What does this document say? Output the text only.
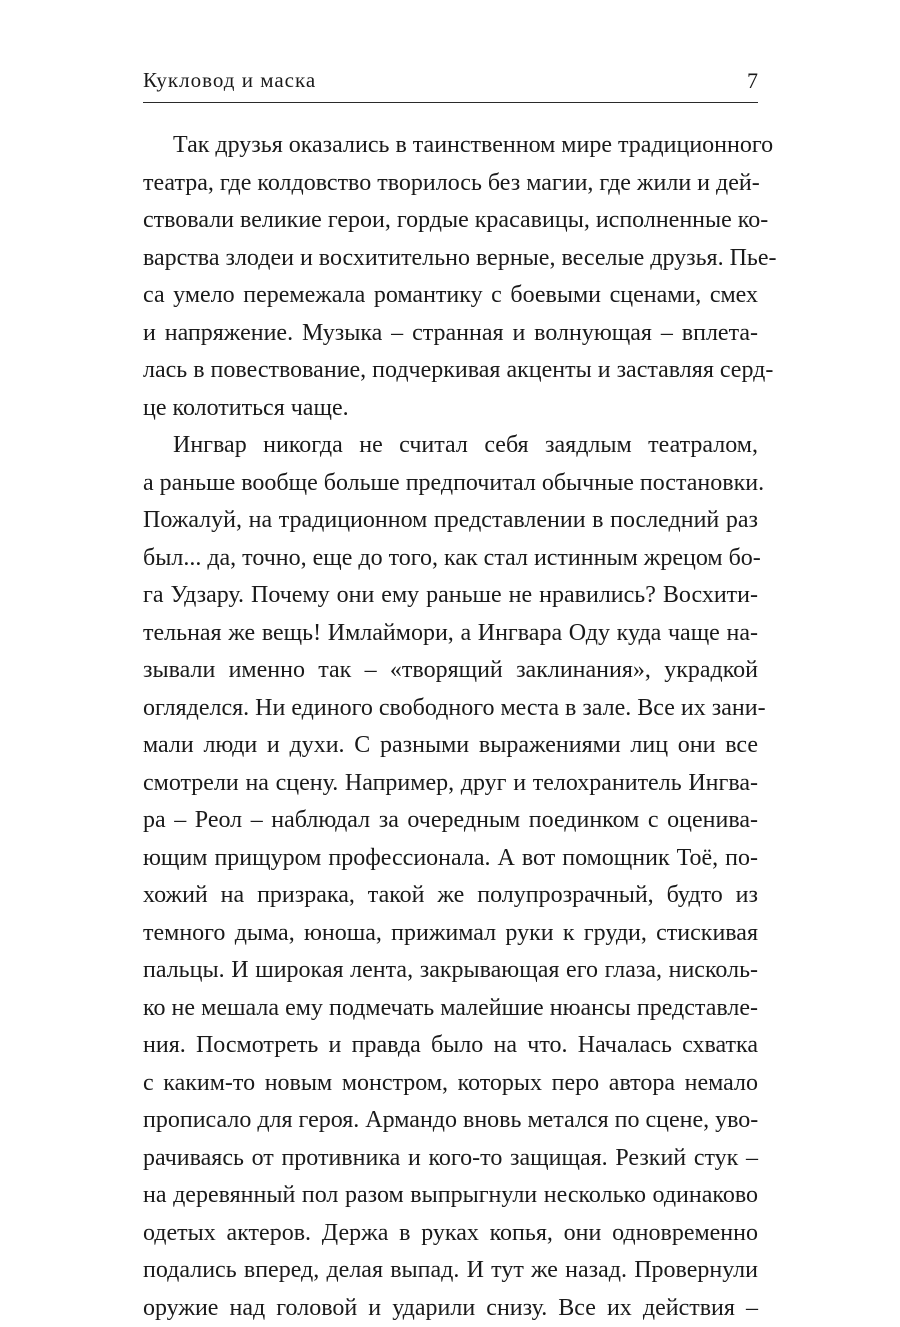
Кукловод и маска	7
Так друзья оказались в таинственном мире традиционного
театра, где колдовство творилось без магии, где жили и дей-
ствовали великие герои, гордые красавицы, исполненные ко-
варства злодеи и восхитительно верные, веселые друзья. Пье-
са умело перемежала романтику с боевыми сценами, смех
и напряжение. Музыка – странная и волнующая – вплета-
лась в повествование, подчеркивая акценты и заставляя серд-
це колотиться чаще.
Ингвар никогда не считал себя заядлым театралом,
а раньше вообще больше предпочитал обычные постановки.
Пожалуй, на традиционном представлении в последний раз
был... да, точно, еще до того, как стал истинным жрецом бо-
га Удзару. Почему они ему раньше не нравились? Восхити-
тельная же вещь! Имлаймори, а Ингвара Оду куда чаще на-
зывали именно так – «творящий заклинания», украдкой
огляделся. Ни единого свободного места в зале. Все их зани-
мали люди и духи. С разными выражениями лиц они все
смотрели на сцену. Например, друг и телохранитель Ингва-
ра – Реол – наблюдал за очередным поединком с оценива-
ющим прищуром профессионала. А вот помощник Тоё, по-
хожий на призрака, такой же полупрозрачный, будто из
темного дыма, юноша, прижимал руки к груди, стискивая
пальцы. И широкая лента, закрывающая его глаза, нисколь-
ко не мешала ему подмечать малейшие нюансы представле-
ния. Посмотреть и правда было на что. Началась схватка
с каким-то новым монстром, которых перо автора немало
прописало для героя. Армандо вновь метался по сцене, уво-
рачиваясь от противника и кого-то защищая. Резкий стук –
на деревянный пол разом выпрыгнули несколько одинаково
одетых актеров. Держа в руках копья, они одновременно
подались вперед, делая выпад. И тут же назад. Провернули
оружие над головой и ударили снизу. Все их действия –
